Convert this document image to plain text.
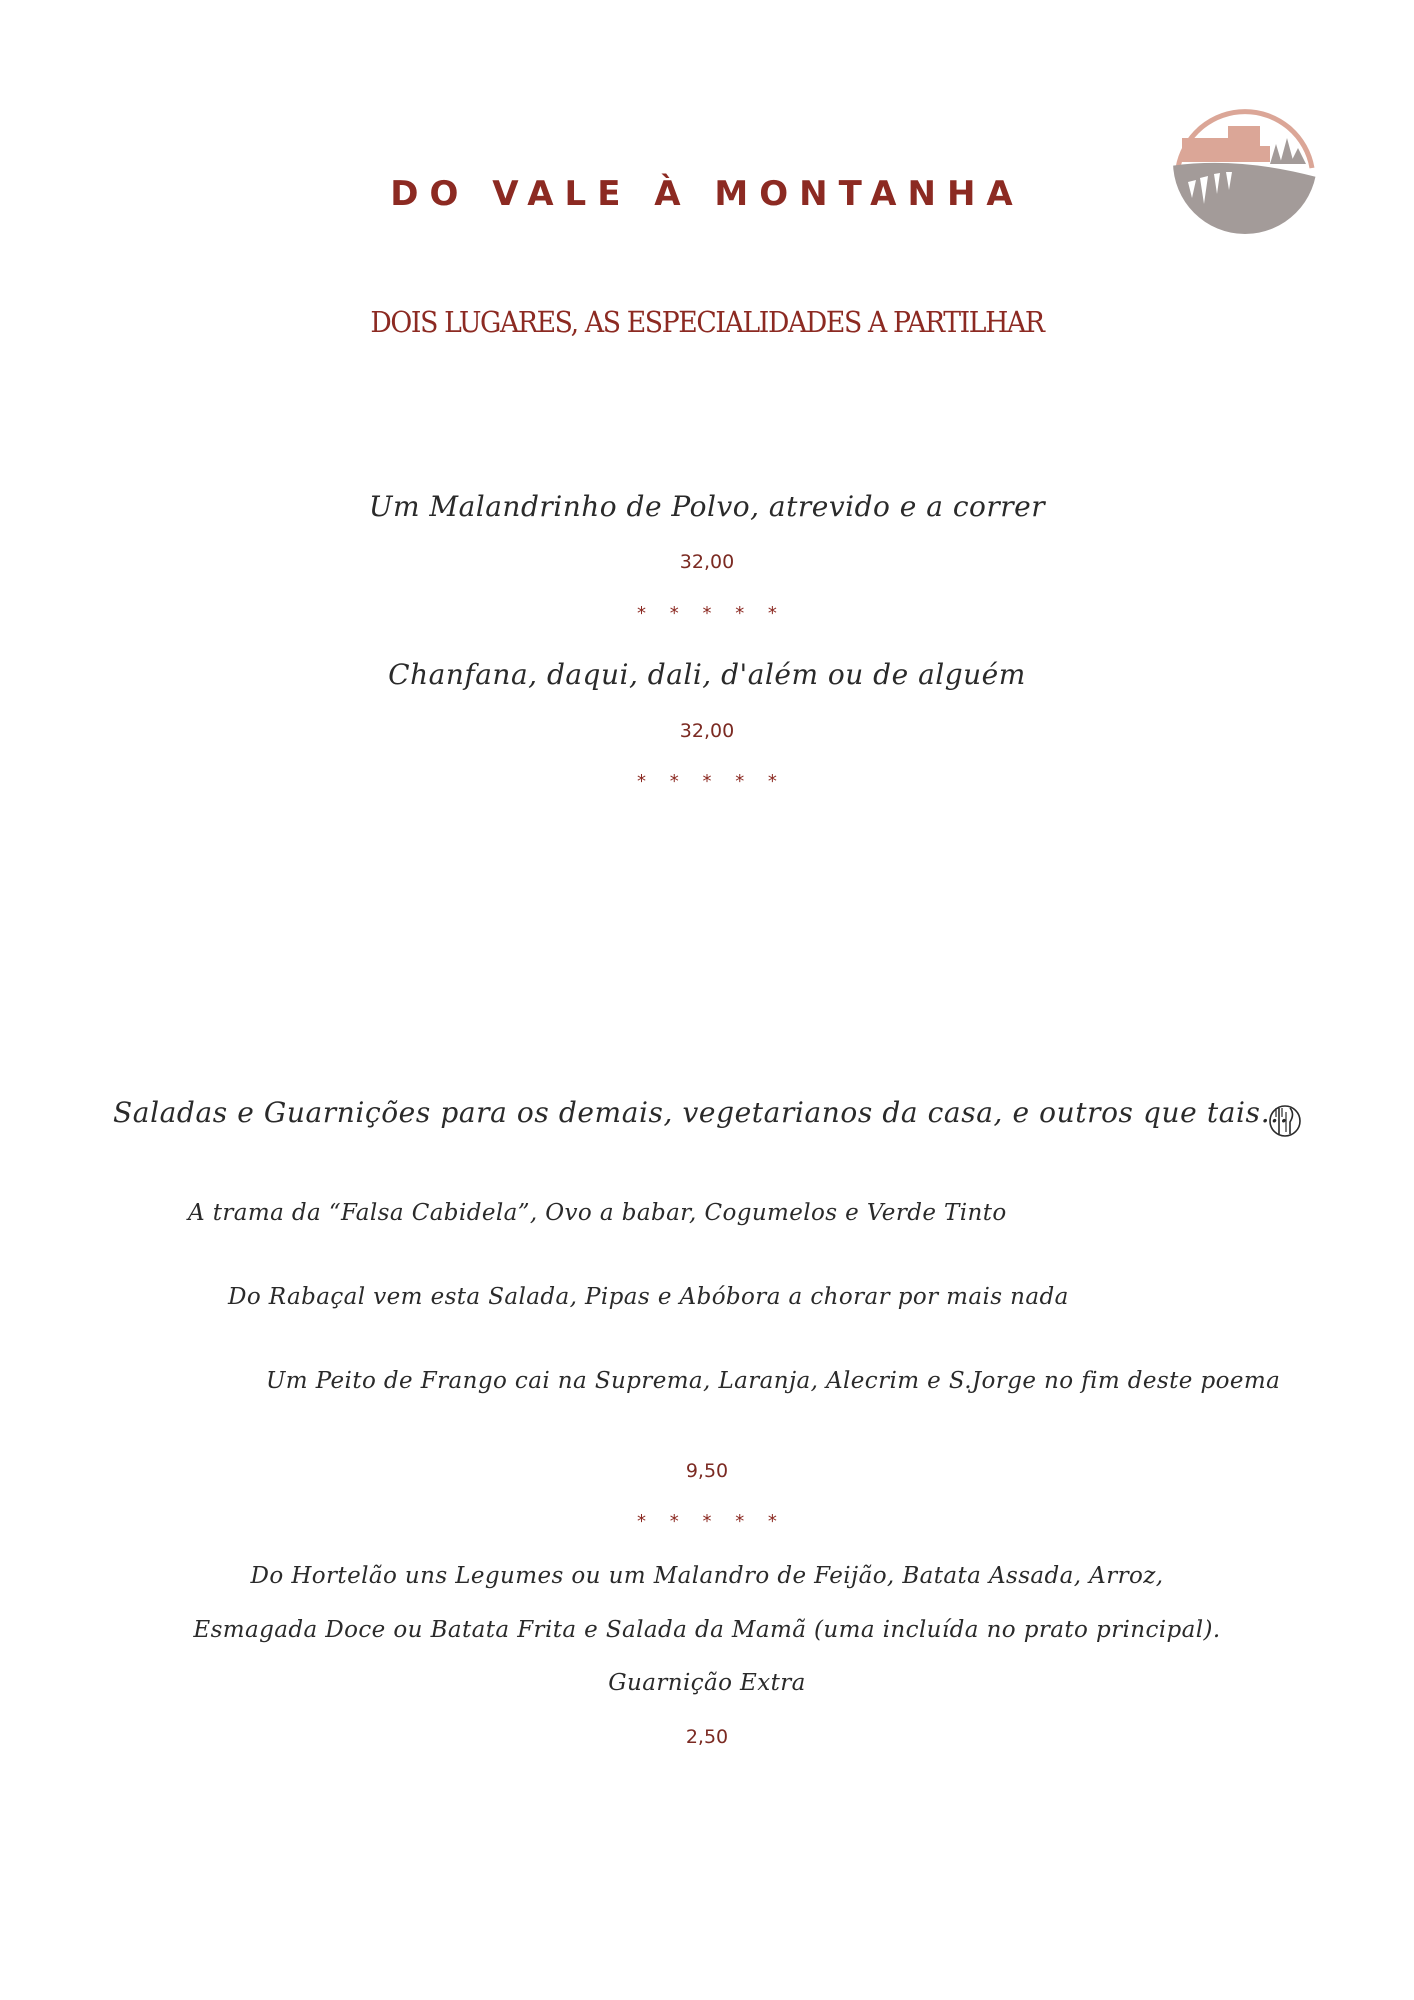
DO VALE À MONTANHA
DOIS LUGARES, AS ESPECIALIDADES A PARTILHAR
Um Malandrinho de Polvo, atrevido e a correr
32,00
* * * * *
Chanfana, daqui, dali, d'além ou de alguém
32,00
* * * * *
Saladas e Guarnições para os demais, vegetarianos da casa, e outros que tais…
A trama da “Falsa Cabidela”, Ovo a babar, Cogumelos e Verde Tinto
Do Rabaçal vem esta Salada, Pipas e Abóbora a chorar por mais nada
Um Peito de Frango cai na Suprema, Laranja, Alecrim e S.Jorge no fim deste poema
9,50
* * * * *
Do Hortelão uns Legumes ou um Malandro de Feijão, Batata Assada, Arroz,
Esmagada Doce ou Batata Frita e Salada da Mamã (uma incluída no prato principal).
Guarnição Extra
2,50
